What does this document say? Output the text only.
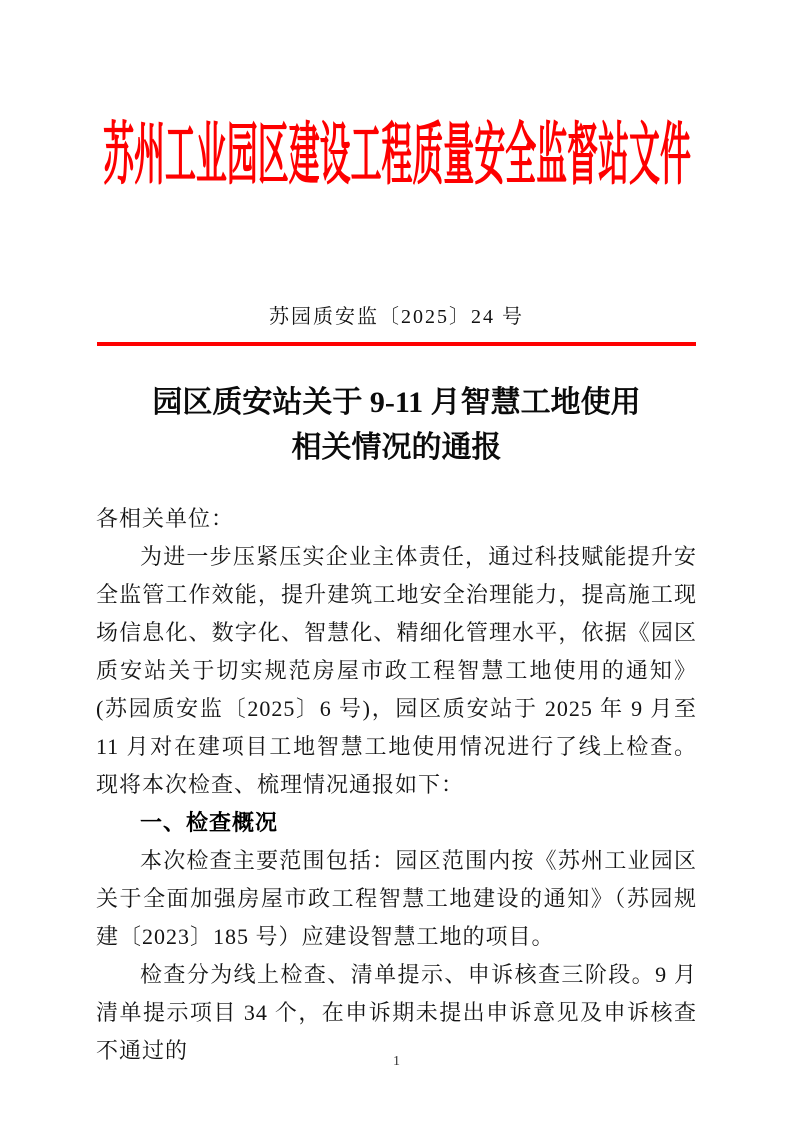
苏州工业园区建设工程质量安全监督站文件
苏园质安监〔2025〕24 号
园区质安站关于 9-11 月智慧工地使用
相关情况的通报

各相关单位：

为进一步压紧压实企业主体责任，通过科技赋能提升安全监管工作效能，提升建筑工地安全治理能力，提高施工现场信息化、数字化、智慧化、精细化管理水平，依据《园区质安站关于切实规范房屋市政工程智慧工地使用的通知》(苏园质安监〔2025〕6 号)，园区质安站于 2025 年 9 月至 11 月对在建项目工地智慧工地使用情况进行了线上检查。现将本次检查、梳理情况通报如下：

一、检查概况

本次检查主要范围包括：园区范围内按《苏州工业园区关于全面加强房屋市政工程智慧工地建设的通知》（苏园规建〔2023〕185 号）应建设智慧工地的项目。

检查分为线上检查、清单提示、申诉核查三阶段。9 月清单提示项目 34 个，在申诉期未提出申诉意见及申诉核查不通过的	1
